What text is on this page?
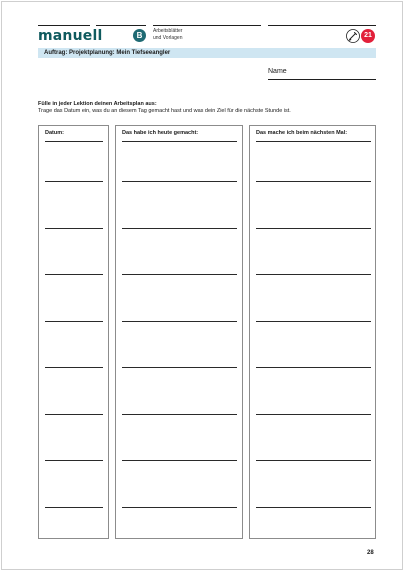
manuell	B	Arbeitsblätter
und Vorlagen	21
Auftrag: Projektplanung: Mein Tiefseeangler
Name
Fülle in jeder Lektion deinen Arbeitsplan aus:
Trage das Datum ein, was du an diesem Tag gemacht hast und was dein Ziel für die nächste Stunde ist.
Datum:	Das habe ich heute gemacht:	Das mache ich beim nächsten Mal:
28
